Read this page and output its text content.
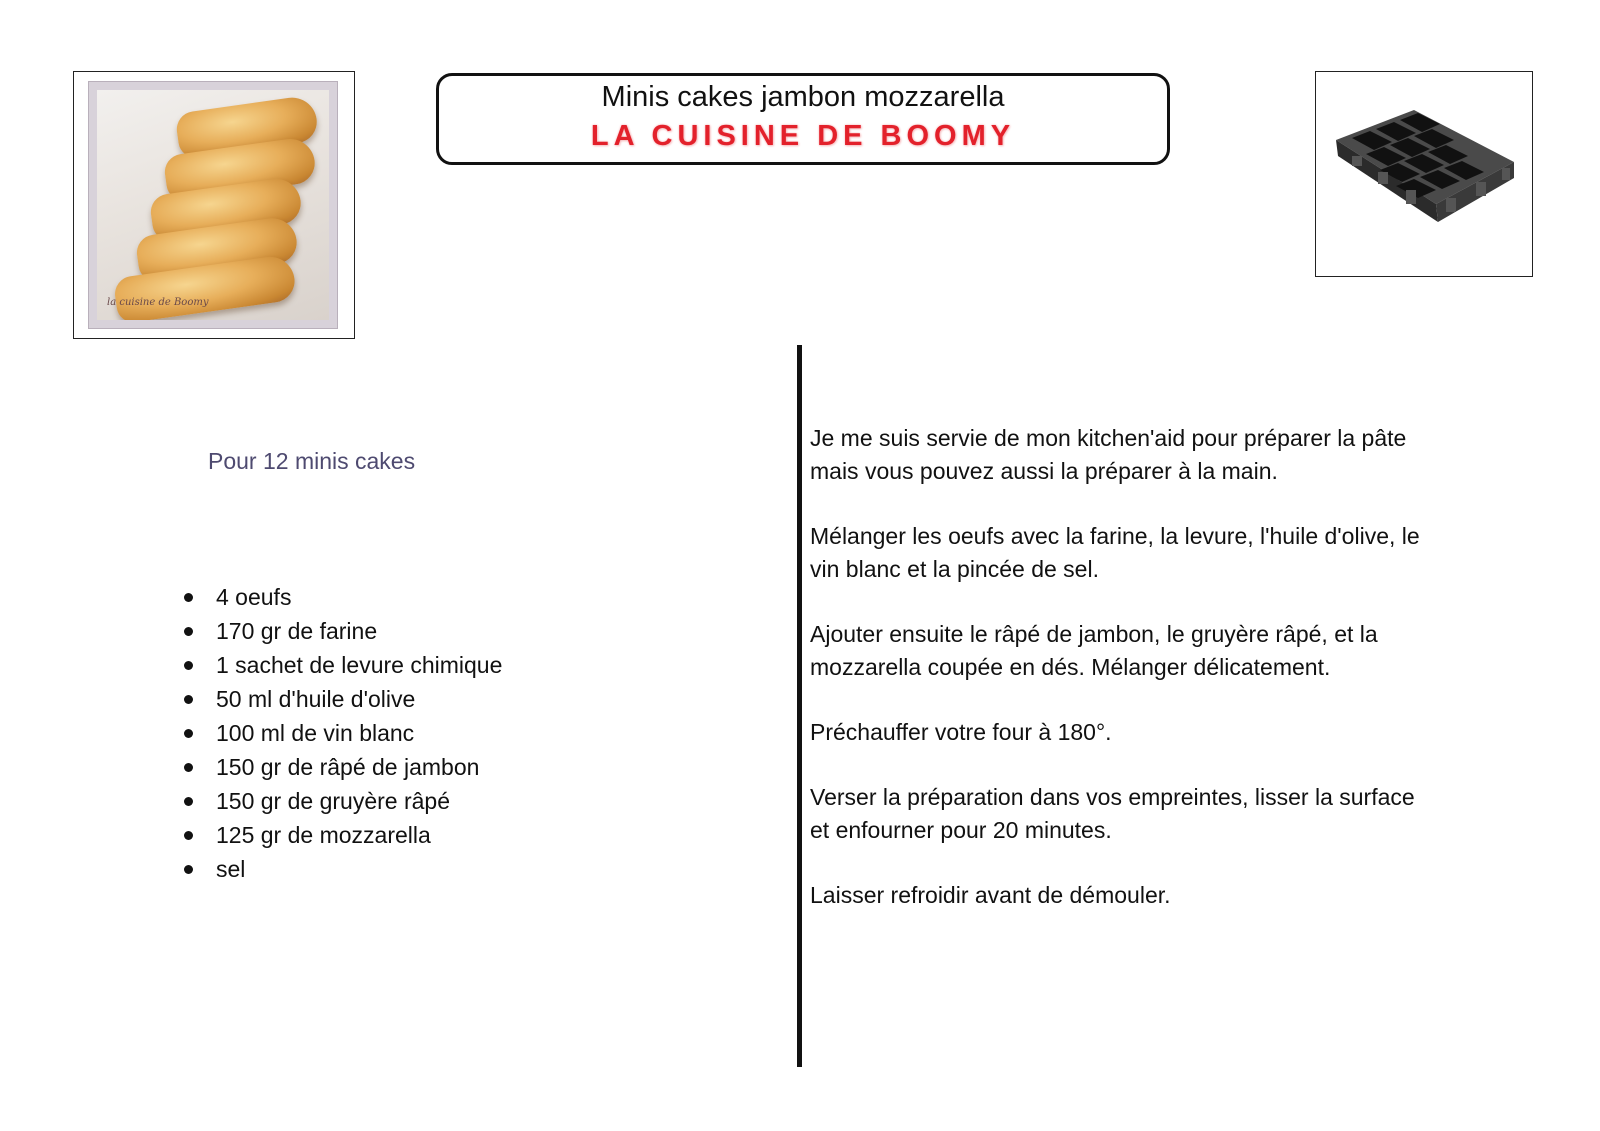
la cuisine de Boomy
Minis cakes jambon mozzarella
LA CUISINE DE BOOMY
Pour 12 minis cakes
4 oeufs
170 gr de farine
1 sachet de levure chimique
50 ml d'huile d'olive
100 ml de vin blanc
150 gr de râpé de jambon
150 gr de gruyère râpé
125 gr de mozzarella
sel

Je me suis servie de mon kitchen'aid pour préparer la pâte mais vous pouvez aussi la préparer à la main.

Mélanger les oeufs avec la farine, la levure, l'huile d'olive, le vin blanc et la pincée de sel.

Ajouter ensuite le râpé de jambon, le gruyère râpé, et la mozzarella coupée en dés. Mélanger délicatement.

Préchauffer votre four à 180°.

Verser la préparation dans vos empreintes, lisser la surface et enfourner pour 20 minutes.

Laisser refroidir avant de démouler.
